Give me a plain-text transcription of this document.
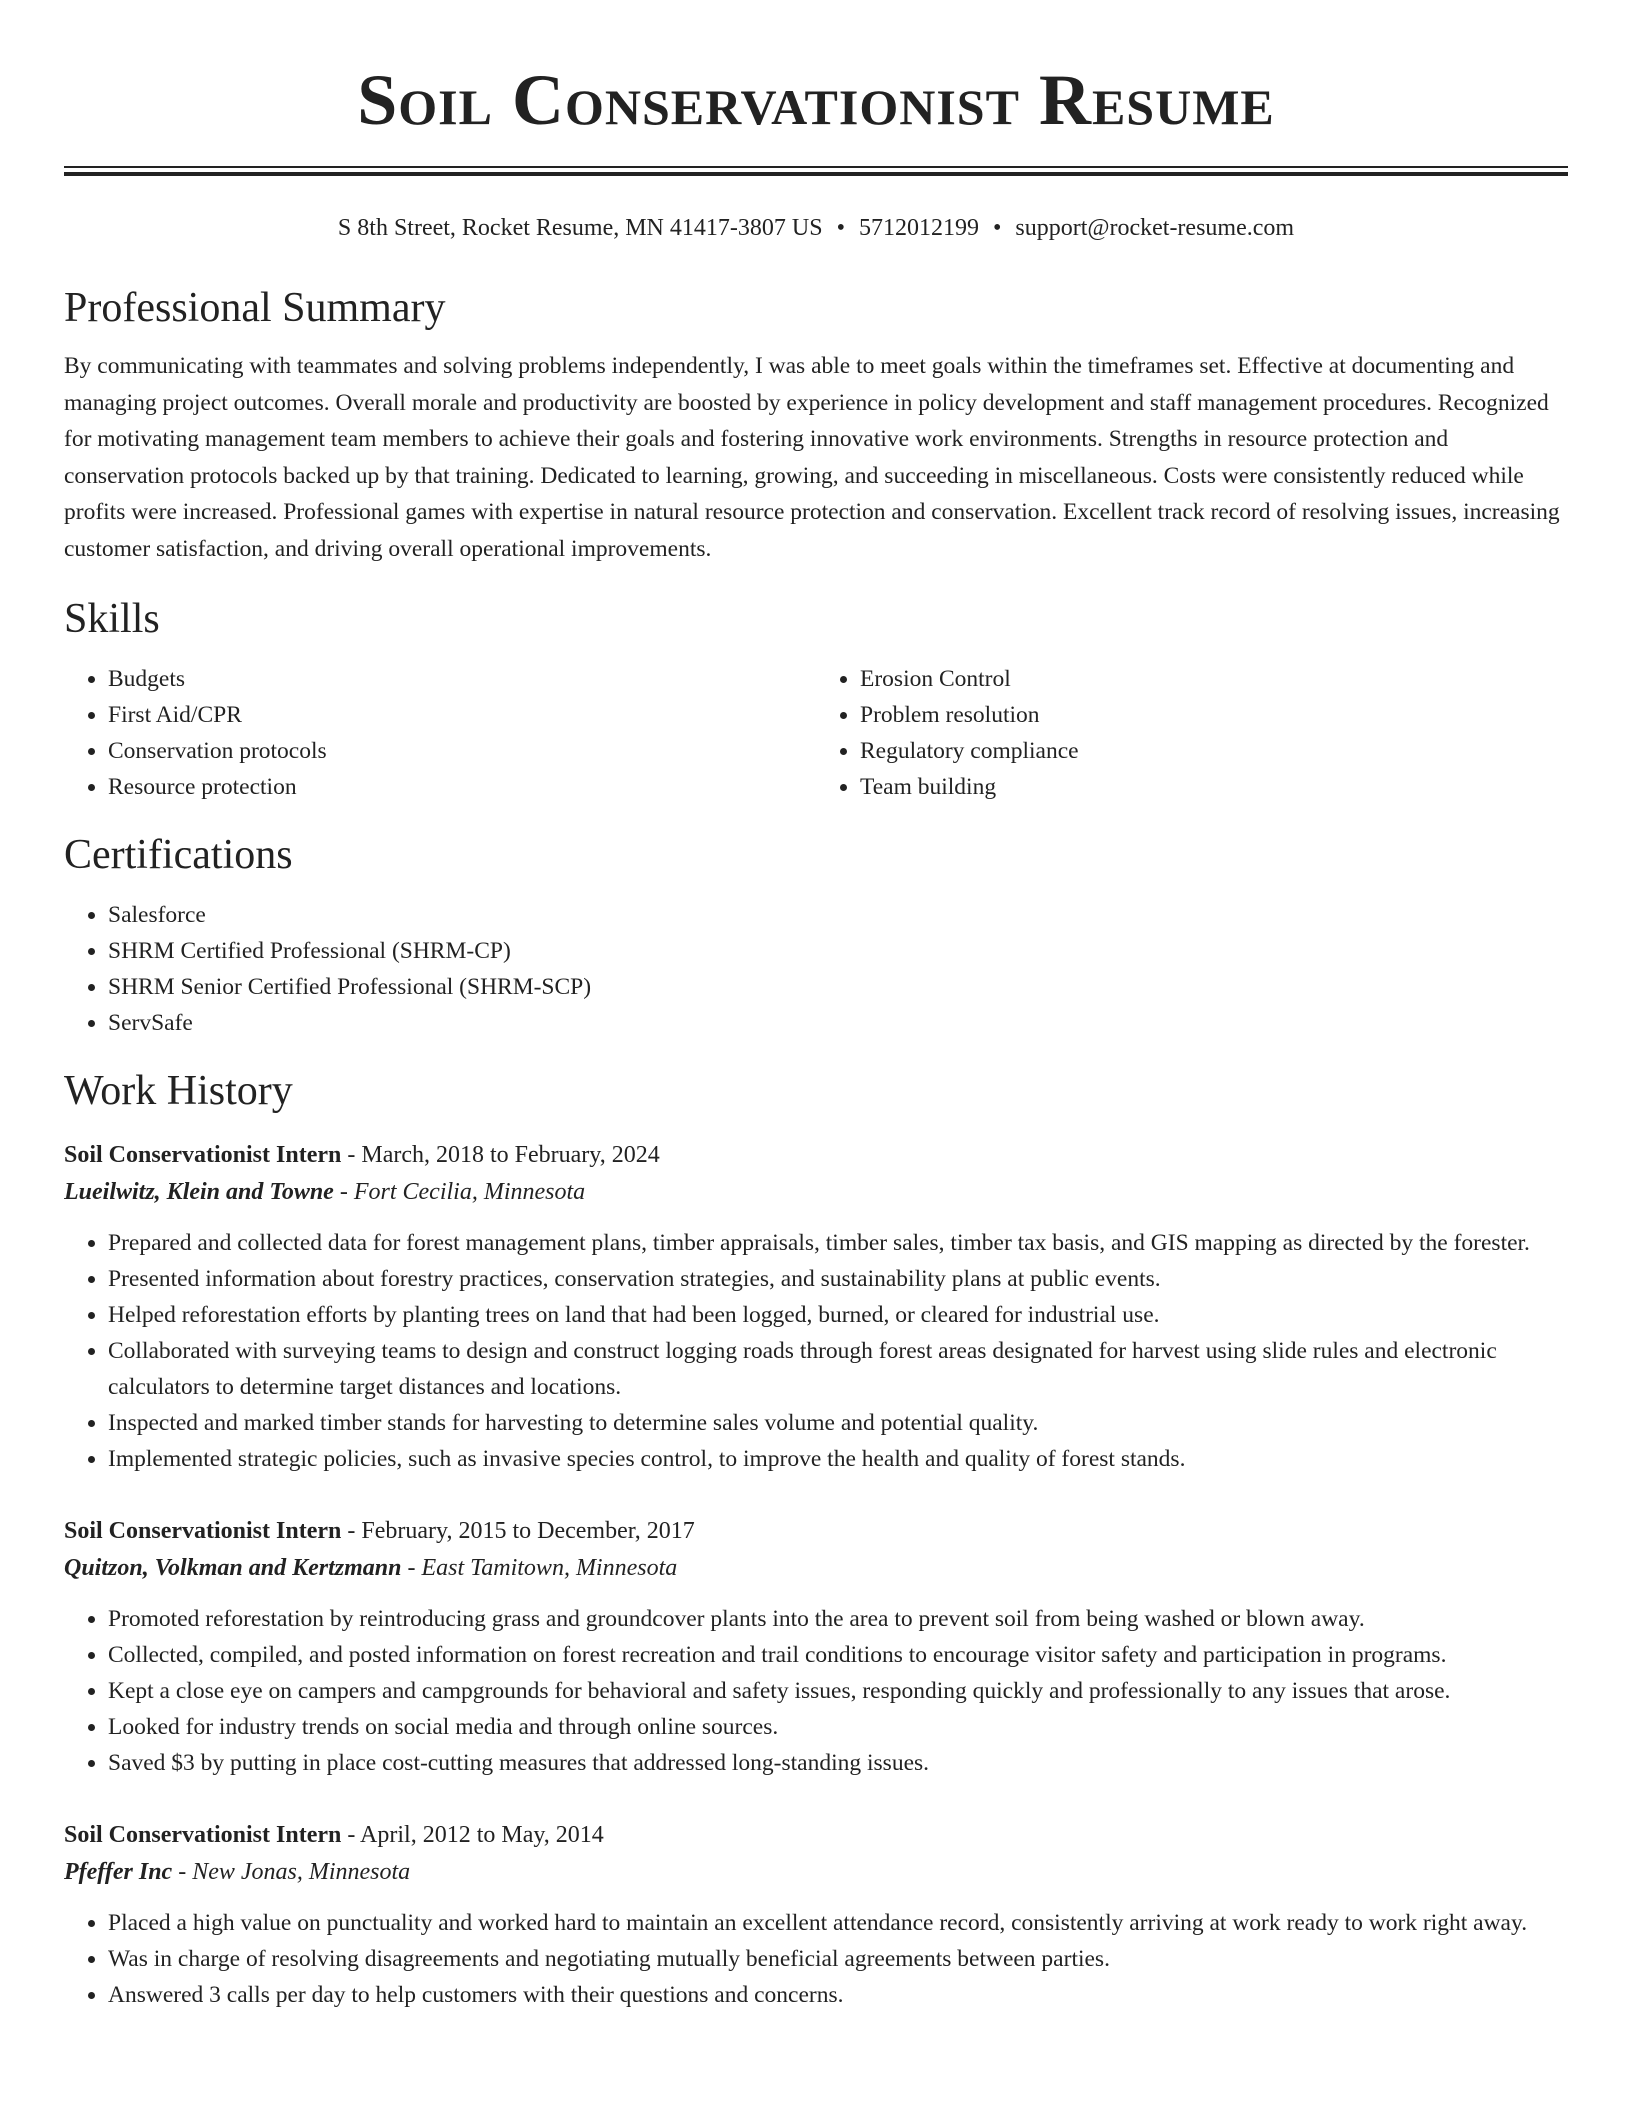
Soil Conservationist Resume
S 8th Street, Rocket Resume, MN 41417-3807 US • 5712012199 • support@rocket-resume.com
Professional Summary

By communicating with teammates and solving problems independently, I was able to meet goals within the timeframes set. Effective at documenting and managing project outcomes. Overall morale and productivity are boosted by experience in policy development and staff management procedures. Recognized for motivating management team members to achieve their goals and fostering innovative work environments. Strengths in resource protection and conservation protocols backed up by that training. Dedicated to learning, growing, and succeeding in miscellaneous. Costs were consistently reduced while profits were increased. Professional games with expertise in natural resource protection and conservation. Excellent track record of resolving issues, increasing customer satisfaction, and driving overall operational improvements.

Skills
• Budgets
• First Aid/CPR
• Conservation protocols
• Resource protection
• Erosion Control
• Problem resolution
• Regulatory compliance
• Team building
Certifications
• Salesforce
• SHRM Certified Professional (SHRM-CP)
• SHRM Senior Certified Professional (SHRM-SCP)
• ServSafe
Work History
Soil Conservationist Intern - March, 2018 to February, 2024
Lueilwitz, Klein and Towne - Fort Cecilia, Minnesota
• Prepared and collected data for forest management plans, timber appraisals, timber sales, timber tax basis, and GIS mapping as directed by the forester.
• Presented information about forestry practices, conservation strategies, and sustainability plans at public events.
• Helped reforestation efforts by planting trees on land that had been logged, burned, or cleared for industrial use.
• Collaborated with surveying teams to design and construct logging roads through forest areas designated for harvest using slide rules and electronic calculators to determine target distances and locations.
• Inspected and marked timber stands for harvesting to determine sales volume and potential quality.
• Implemented strategic policies, such as invasive species control, to improve the health and quality of forest stands.
Soil Conservationist Intern - February, 2015 to December, 2017
Quitzon, Volkman and Kertzmann - East Tamitown, Minnesota
• Promoted reforestation by reintroducing grass and groundcover plants into the area to prevent soil from being washed or blown away.
• Collected, compiled, and posted information on forest recreation and trail conditions to encourage visitor safety and participation in programs.
• Kept a close eye on campers and campgrounds for behavioral and safety issues, responding quickly and professionally to any issues that arose.
• Looked for industry trends on social media and through online sources.
• Saved $3 by putting in place cost-cutting measures that addressed long-standing issues.
Soil Conservationist Intern - April, 2012 to May, 2014
Pfeffer Inc - New Jonas, Minnesota
• Placed a high value on punctuality and worked hard to maintain an excellent attendance record, consistently arriving at work ready to work right away.
• Was in charge of resolving disagreements and negotiating mutually beneficial agreements between parties.
• Answered 3 calls per day to help customers with their questions and concerns.
